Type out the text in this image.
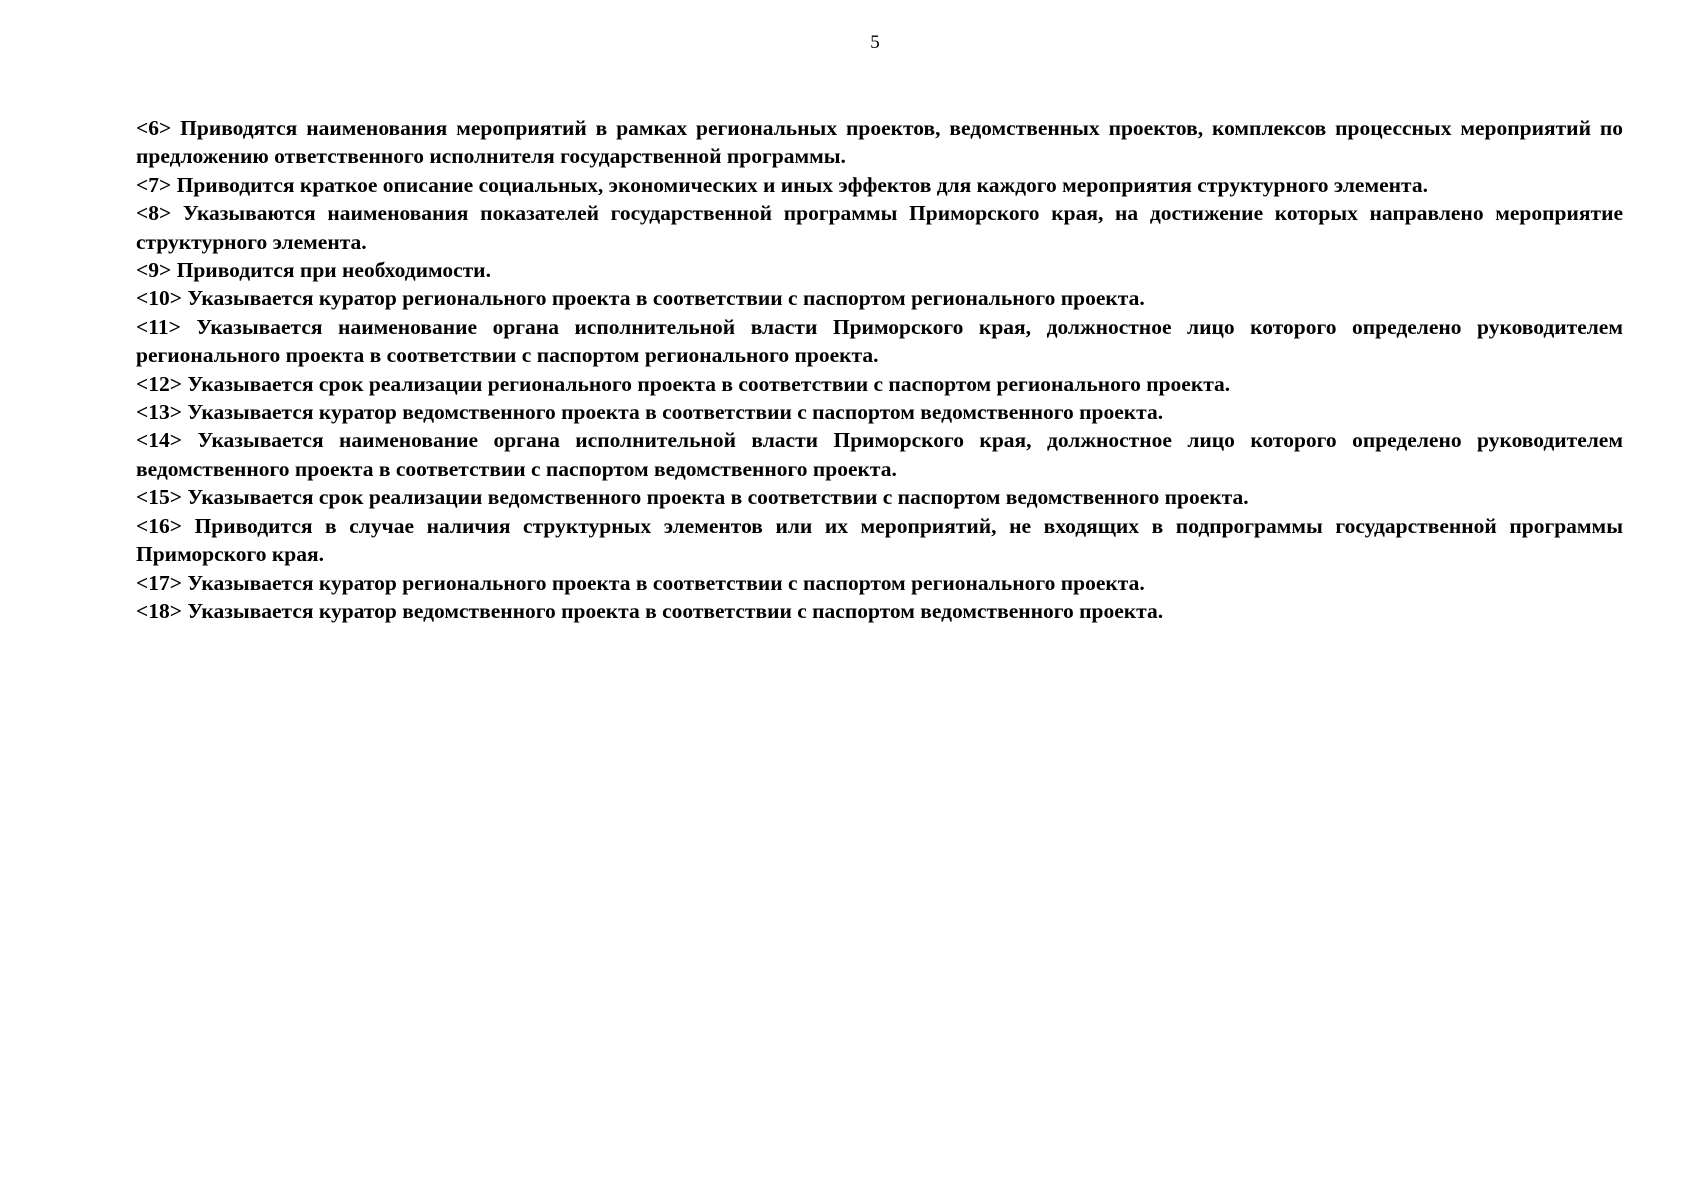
5
<6> Приводятся наименования мероприятий в рамках региональных проектов, ведомственных проектов, комплексов процессных мероприятий по предложению ответственного исполнителя государственной программы.
<7> Приводится краткое описание социальных, экономических и иных эффектов для каждого мероприятия структурного элемента.
<8> Указываются наименования показателей государственной программы Приморского края, на достижение которых направлено мероприятие структурного элемента.
<9> Приводится при необходимости.
<10> Указывается куратор регионального проекта в соответствии с паспортом регионального проекта.
<11> Указывается наименование органа исполнительной власти Приморского края, должностное лицо которого определено руководителем регионального проекта в соответствии с паспортом регионального проекта.
<12> Указывается срок реализации регионального проекта в соответствии с паспортом регионального проекта.
<13> Указывается куратор ведомственного проекта в соответствии с паспортом ведомственного проекта.
<14> Указывается наименование органа исполнительной власти Приморского края, должностное лицо которого определено руководителем ведомственного проекта в соответствии с паспортом ведомственного проекта.
<15> Указывается срок реализации ведомственного проекта в соответствии с паспортом ведомственного проекта.
<16> Приводится в случае наличия структурных элементов или их мероприятий, не входящих в подпрограммы государственной программы Приморского края.
<17> Указывается куратор регионального проекта в соответствии с паспортом регионального проекта.
<18> Указывается куратор ведомственного проекта в соответствии с паспортом ведомственного проекта.
